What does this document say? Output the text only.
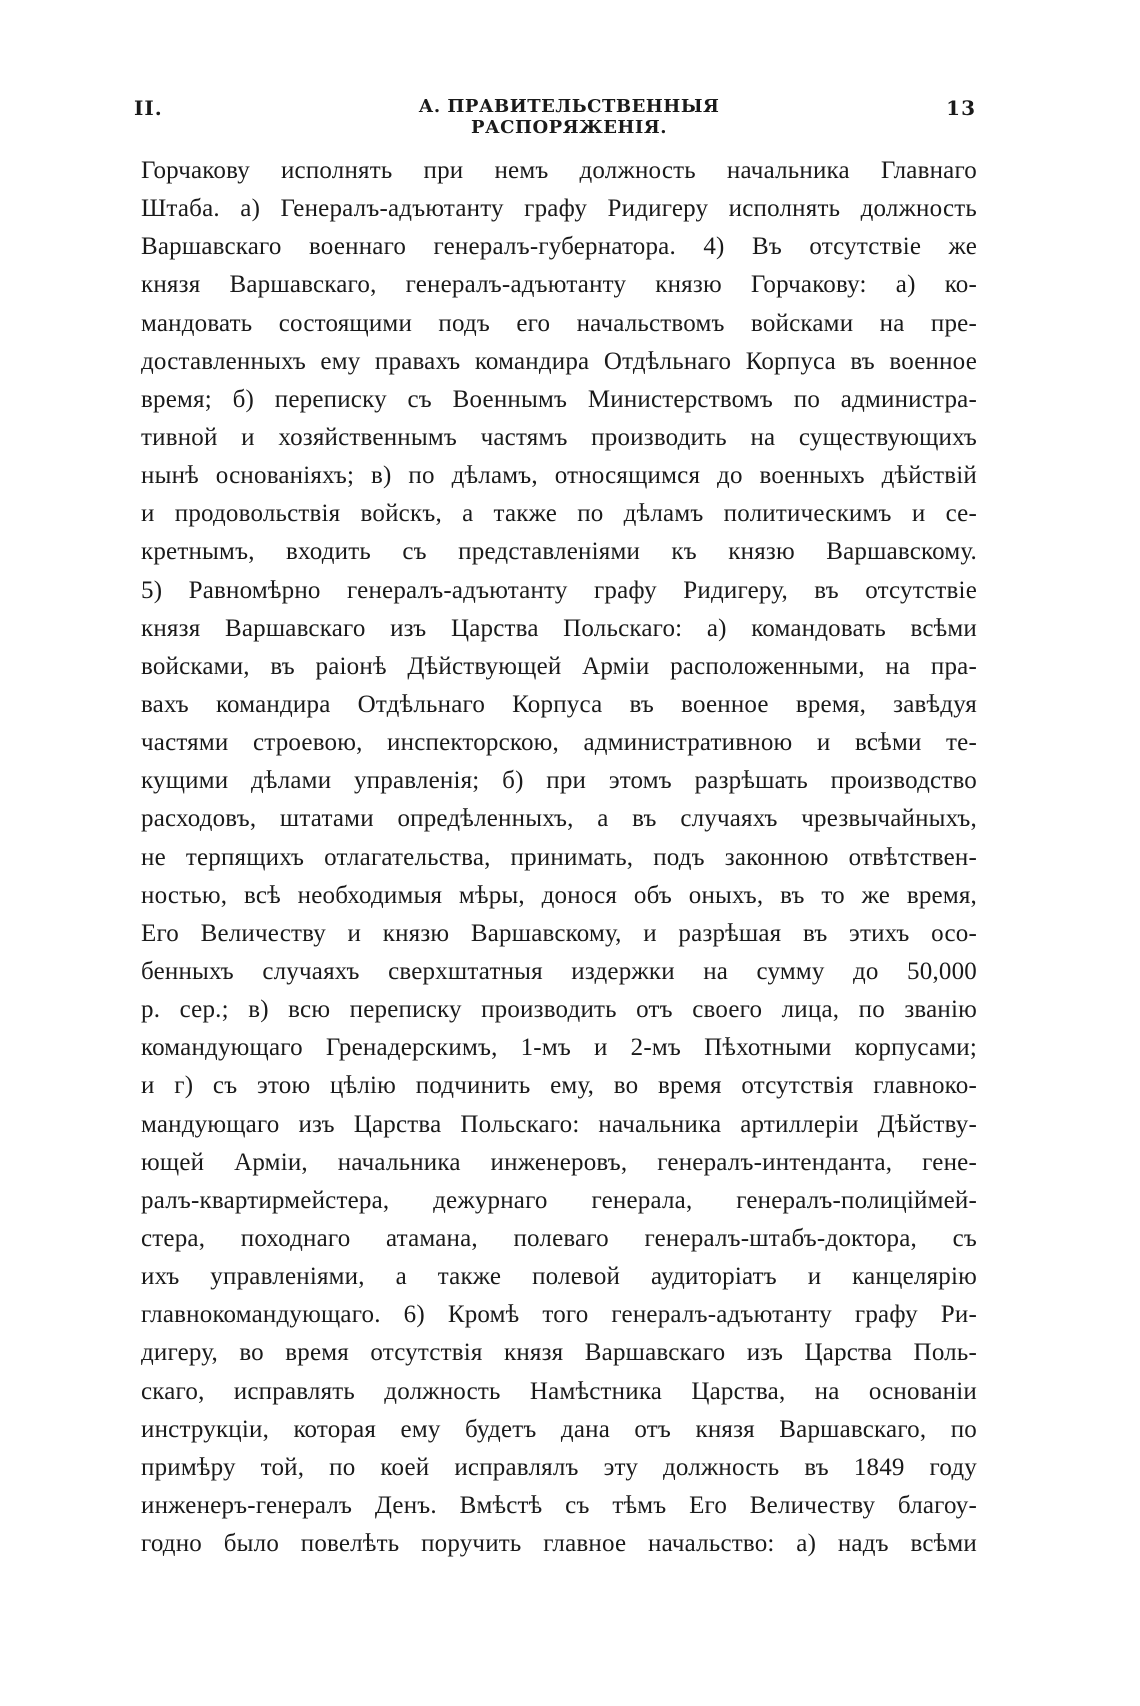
II.	А. ПРАВИТЕЛЬСТВЕННЫЯ РАСПОРЯЖЕНІЯ.
13
Горчакову исполнять при немъ должность начальника Главнаго
Штаба. а) Генералъ-адъютанту графу Ридигеру исполнять должность
Варшавскаго военнаго генералъ-губернатора. 4) Въ отсутствіе же
князя Варшавскаго, генералъ-адъютанту князю Горчакову: а) ко-
мандовать состоящими подъ его начальствомъ войсками на пре-
доставленныхъ ему правахъ командира Отдѣльнаго Корпуса въ военное
время; б) переписку съ Военнымъ Министерствомъ по администра-
тивной и хозяйственнымъ частямъ производить на существующихъ
нынѣ основаніяхъ; в) по дѣламъ, относящимся до военныхъ дѣйствій
и продовольствія войскъ, а также по дѣламъ политическимъ и се-
кретнымъ, входить съ представленіями къ князю Варшавскому.
5) Равномѣрно генералъ-адъютанту графу Ридигеру, въ отсутствіе
князя Варшавскаго изъ Царства Польскаго: а) командовать всѣми
войсками, въ раіонѣ Дѣйствующей Арміи расположенными, на пра-
вахъ командира Отдѣльнаго Корпуса въ военное время, завѣдуя
частями строевою, инспекторскою, административною и всѣми те-
кущими дѣлами управленія; б) при этомъ разрѣшать производство
расходовъ, штатами опредѣленныхъ, а въ случаяхъ чрезвычайныхъ,
не терпящихъ отлагательства, принимать, подъ законною отвѣтствен-
ностью, всѣ необходимыя мѣры, донося объ оныхъ, въ то же время,
Его Величеству и князю Варшавскому, и разрѣшая въ этихъ осо-
бенныхъ случаяхъ сверхштатныя издержки на сумму до 50,000
р. сер.; в) всю переписку производить отъ своего лица, по званію
командующаго Гренадерскимъ, 1-мъ и 2-мъ Пѣхотными корпусами;
и г) съ этою цѣлію подчинить ему, во время отсутствія главноко-
мандующаго изъ Царства Польскаго: начальника артиллеріи Дѣйству-
ющей Арміи, начальника инженеровъ, генералъ-интенданта, гене-
ралъ-квартирмейстера, дежурнаго генерала, генералъ-полиціймей-
стера, походнаго атамана, полеваго генералъ-штабъ-доктора, съ
ихъ управленіями, а также полевой аудиторіатъ и канцелярію
главнокомандующаго. 6) Кромѣ того генералъ-адъютанту графу Ри-
дигеру, во время отсутствія князя Варшавскаго изъ Царства Поль-
скаго, исправлять должность Намѣстника Царства, на основаніи
инструкціи, которая ему будетъ дана отъ князя Варшавскаго, по
примѣру той, по коей исправлялъ эту должность въ 1849 году
инженеръ-генералъ Денъ. Вмѣстѣ съ тѣмъ Его Величеству благоу-
годно было повелѣть поручить главное начальство: а) надъ всѣми
